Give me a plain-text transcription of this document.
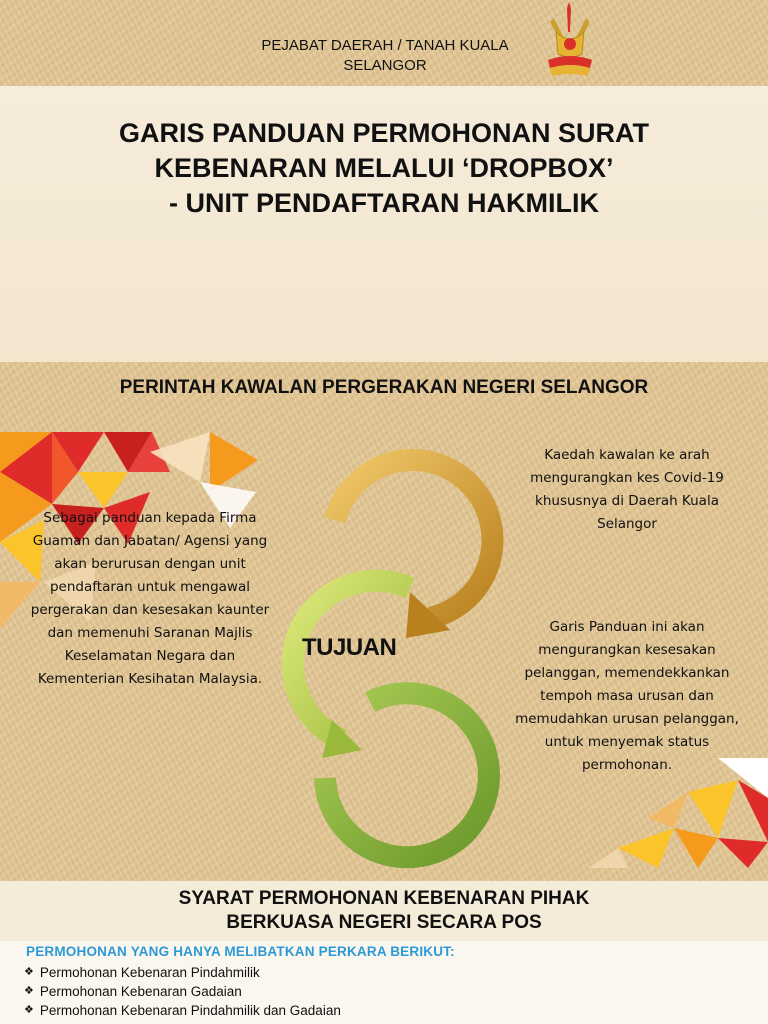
PEJABAT DAERAH / TANAH KUALA
SELANGOR
GARIS PANDUAN PERMOHONAN SURAT
KEBENARAN MELALUI ‘DROPBOX’
- UNIT PENDAFTARAN HAKMILIK
PERINTAH KAWALAN PERGERAKAN NEGERI SELANGOR
TUJUAN
Sebagai panduan kepada Firma Guaman dan Jabatan/ Agensi yang akan berurusan dengan unit pendaftaran untuk mengawal pergerakan dan kesesakan kaunter dan memenuhi Saranan Majlis Keselamatan Negara dan Kementerian Kesihatan Malaysia.
Kaedah kawalan ke arah mengurangkan kes Covid-19 khususnya di Daerah Kuala Selangor
Garis Panduan ini akan mengurangkan kesesakan pelanggan, memendekkankan tempoh masa urusan dan memudahkan urusan pelanggan, untuk menyemak status permohonan.
SYARAT PERMOHONAN KEBENARAN PIHAK
BERKUASA NEGERI SECARA POS
PERMOHONAN YANG HANYA MELIBATKAN PERKARA BERIKUT:
❖ Permohonan Kebenaran Pindahmilik
❖ Permohonan Kebenaran Gadaian
❖ Permohonan Kebenaran Pindahmilik dan Gadaian
